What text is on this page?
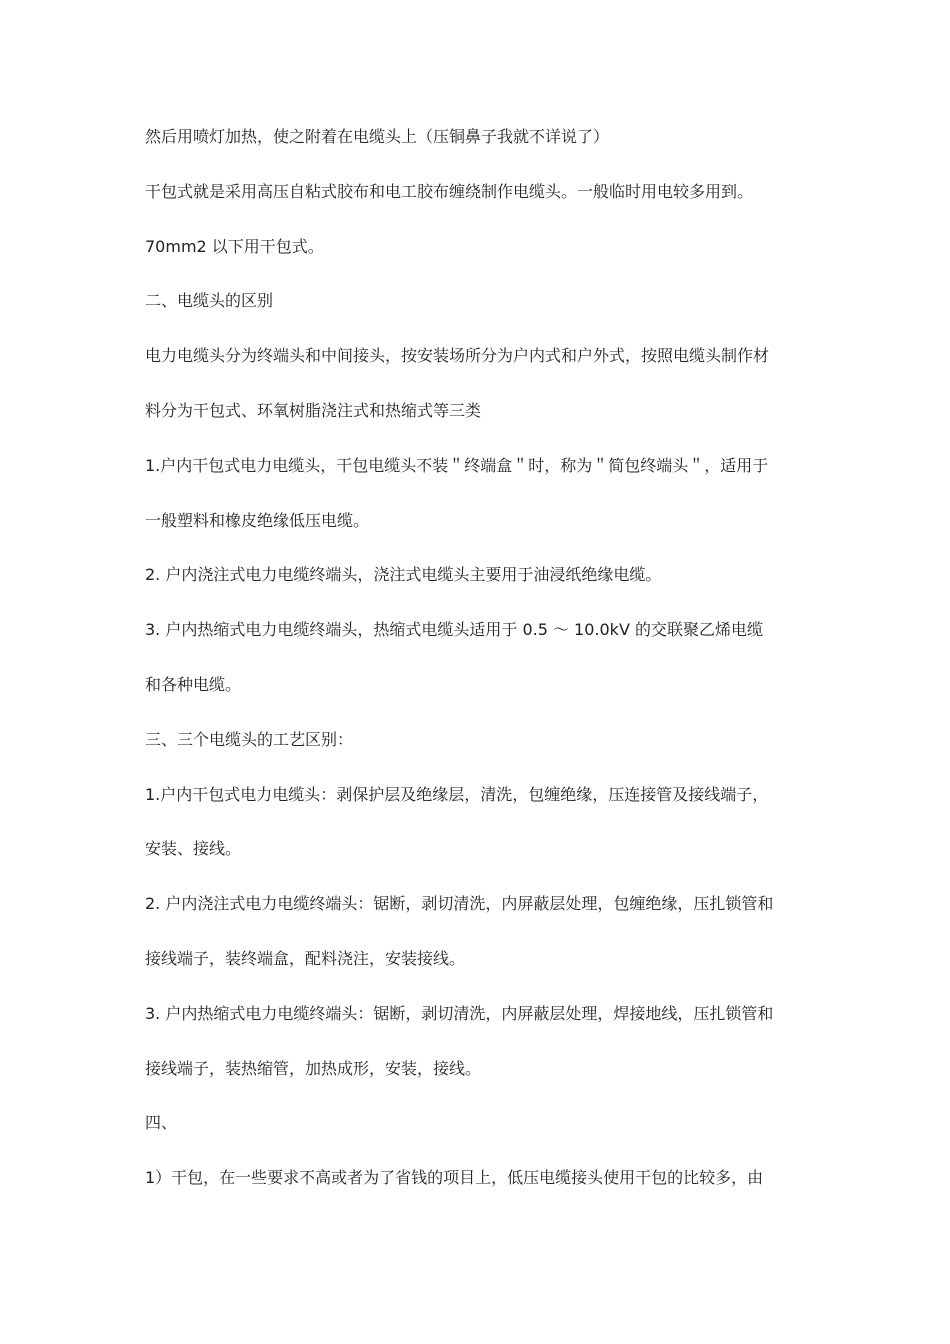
然后用喷灯加热，使之附着在电缆头上（压铜鼻子我就不详说了）
干包式就是采用高压自粘式胶布和电工胶布缠绕制作电缆头。一般临时用电较多用到。
70mm2 以下用干包式。
二、电缆头的区别
电力电缆头分为终端头和中间接头，按安装场所分为户内式和户外式，按照电缆头制作材
料分为干包式、环氧树脂浇注式和热缩式等三类
1.户内干包式电力电缆头，干包电缆头不装＂终端盒＂时，称为＂简包终端头＂，适用于
一般塑料和橡皮绝缘低压电缆。
2. 户内浇注式电力电缆终端头，浇注式电缆头主要用于油浸纸绝缘电缆。
3. 户内热缩式电力电缆终端头，热缩式电缆头适用于 0.5 ～ 10.0kV 的交联聚乙烯电缆
和各种电缆。
三、三个电缆头的工艺区别：
1.户内干包式电力电缆头：剥保护层及绝缘层，清洗，包缠绝缘，压连接管及接线端子，
安装、接线。
2. 户内浇注式电力电缆终端头：锯断，剥切清洗，内屏蔽层处理，包缠绝缘，压扎锁管和
接线端子，装终端盒，配料浇注，安装接线。
3. 户内热缩式电力电缆终端头：锯断，剥切清洗，内屏蔽层处理，焊接地线，压扎锁管和
接线端子，装热缩管，加热成形，安装，接线。
四、
1）干包，在一些要求不高或者为了省钱的项目上，低压电缆接头使用干包的比较多，由
